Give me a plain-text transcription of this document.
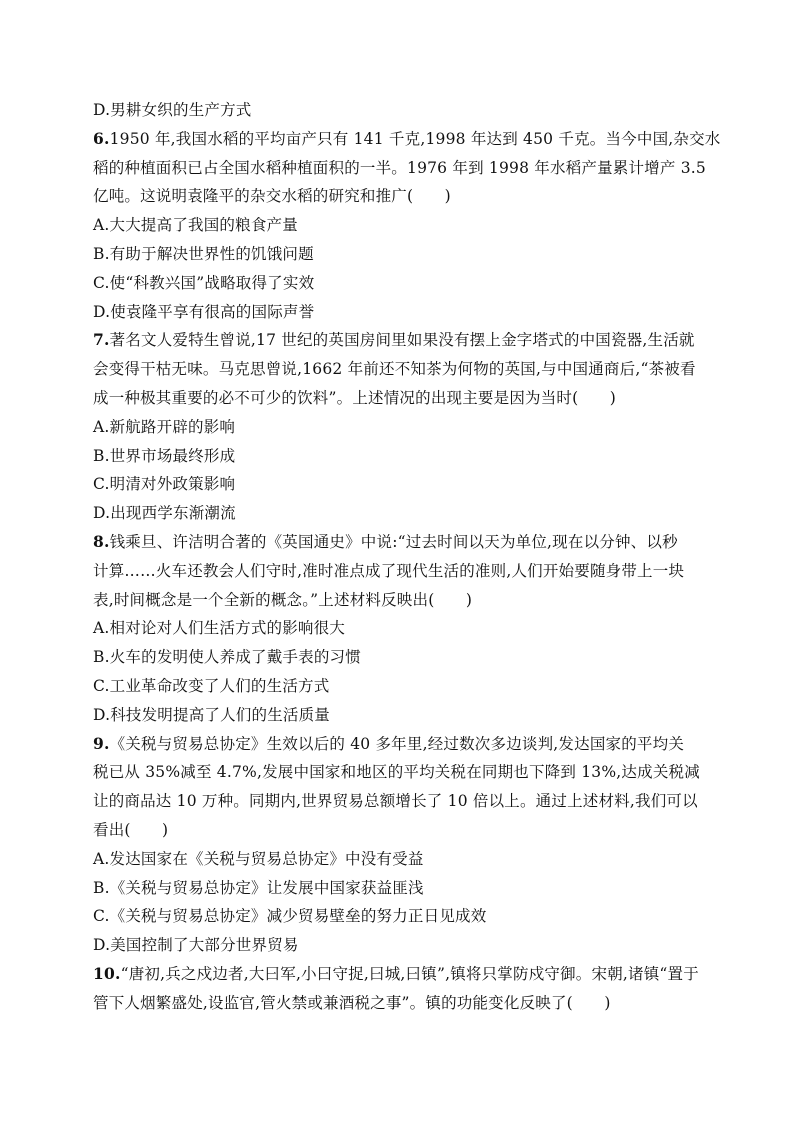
D.男耕女织的生产方式
6.1950 年,我国水稻的平均亩产只有 141 千克,1998 年达到 450 千克。当今中国,杂交水
稻的种植面积已占全国水稻种植面积的一半。1976 年到 1998 年水稻产量累计增产 3.5
亿吨。这说明袁隆平的杂交水稻的研究和推广(　　)
A.大大提高了我国的粮食产量
B.有助于解决世界性的饥饿问题
C.使“科教兴国”战略取得了实效
D.使袁隆平享有很高的国际声誉
7.著名文人爱特生曾说,17 世纪的英国房间里如果没有摆上金字塔式的中国瓷器,生活就
会变得干枯无味。马克思曾说,1662 年前还不知茶为何物的英国,与中国通商后,“茶被看
成一种极其重要的必不可少的饮料”。上述情况的出现主要是因为当时(　　)
A.新航路开辟的影响
B.世界市场最终形成
C.明清对外政策影响
D.出现西学东渐潮流
8.钱乘旦、许洁明合著的《英国通史》中说:“过去时间以天为单位,现在以分钟、以秒
计算……火车还教会人们守时,准时准点成了现代生活的准则,人们开始要随身带上一块
表,时间概念是一个全新的概念。”上述材料反映出(　　)
A.相对论对人们生活方式的影响很大
B.火车的发明使人养成了戴手表的习惯
C.工业革命改变了人们的生活方式
D.科技发明提高了人们的生活质量
9.《关税与贸易总协定》生效以后的 40 多年里,经过数次多边谈判,发达国家的平均关
税已从 35%减至 4.7%,发展中国家和地区的平均关税在同期也下降到 13%,达成关税减
让的商品达 10 万种。同期内,世界贸易总额增长了 10 倍以上。通过上述材料,我们可以
看出(　　)
A.发达国家在《关税与贸易总协定》中没有受益
B.《关税与贸易总协定》让发展中国家获益匪浅
C.《关税与贸易总协定》减少贸易壁垒的努力正日见成效
D.美国控制了大部分世界贸易
10.“唐初,兵之戍边者,大曰军,小曰守捉,曰城,曰镇”,镇将只掌防戍守御。宋朝,诸镇“置于
管下人烟繁盛处,设监官,管火禁或兼酒税之事”。镇的功能变化反映了(　　)
